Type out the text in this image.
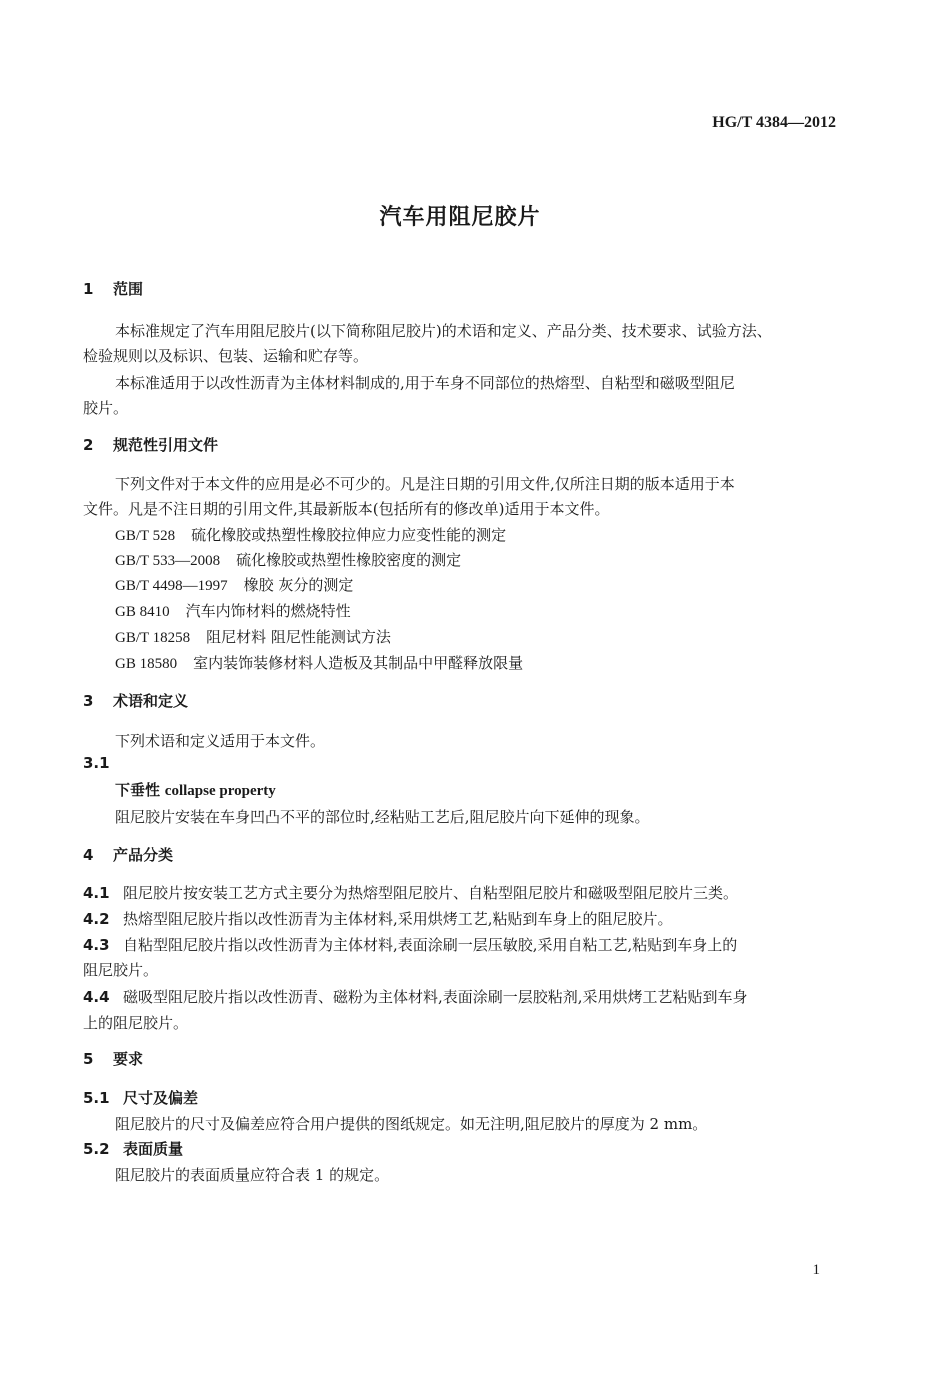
HG/T 4384—2012
汽车用阻尼胶片
1 范围
本标准规定了汽车用阻尼胶片(以下简称阻尼胶片)的术语和定义、产品分类、技术要求、试验方法、
检验规则以及标识、包装、运输和贮存等。
本标准适用于以改性沥青为主体材料制成的,用于车身不同部位的热熔型、自粘型和磁吸型阻尼
胶片。
2 规范性引用文件
下列文件对于本文件的应用是必不可少的。凡是注日期的引用文件,仅所注日期的版本适用于本
文件。凡是不注日期的引用文件,其最新版本(包括所有的修改单)适用于本文件。
GB/T 528 硫化橡胶或热塑性橡胶拉伸应力应变性能的测定
GB/T 533—2008 硫化橡胶或热塑性橡胶密度的测定
GB/T 4498—1997 橡胶 灰分的测定
GB 8410 汽车内饰材料的燃烧特性
GB/T 18258 阻尼材料 阻尼性能测试方法
GB 18580 室内装饰装修材料人造板及其制品中甲醛释放限量
3 术语和定义
下列术语和定义适用于本文件。
3.1
下垂性 collapse property
阻尼胶片安装在车身凹凸不平的部位时,经粘贴工艺后,阻尼胶片向下延伸的现象。
4 产品分类
4.1 阻尼胶片按安装工艺方式主要分为热熔型阻尼胶片、自粘型阻尼胶片和磁吸型阻尼胶片三类。
4.2 热熔型阻尼胶片指以改性沥青为主体材料,采用烘烤工艺,粘贴到车身上的阻尼胶片。
4.3 自粘型阻尼胶片指以改性沥青为主体材料,表面涂刷一层压敏胶,采用自粘工艺,粘贴到车身上的
阻尼胶片。
4.4 磁吸型阻尼胶片指以改性沥青、磁粉为主体材料,表面涂刷一层胶粘剂,采用烘烤工艺粘贴到车身
上的阻尼胶片。
5 要求
5.1 尺寸及偏差
阻尼胶片的尺寸及偏差应符合用户提供的图纸规定。如无注明,阻尼胶片的厚度为 2 mm。
5.2 表面质量
阻尼胶片的表面质量应符合表 1 的规定。
1
